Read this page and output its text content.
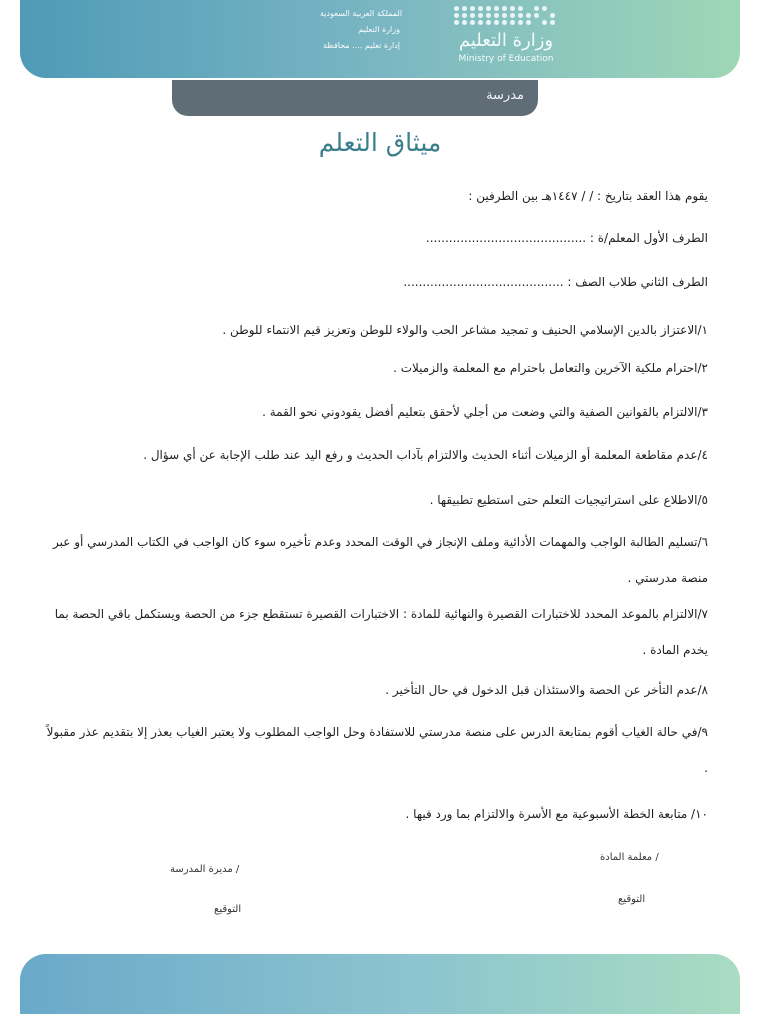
المملكة العربية السعودية
وزارة التعليم
إدارة تعليم .... محافظة	وزارة التعليم
Ministry of Education
مدرسة
ميثاق التعلم
يقوم هذا العقد بتاريخ : / / ١٤٤٧هـ بين الطرفين :
الطرف الأول المعلم/ة : ..........................................
الطرف الثاني طلاب الصف : ..........................................
١/الاعتزاز بالدين الإسلامي الحنيف و تمجيد مشاعر الحب والولاء للوطن وتعزيز قيم الانتماء للوطن .
٢/احترام ملكية الآخرين والتعامل باحترام مع المعلمة والزميلات .
٣/الالتزام بالقوانين الصفية والتي وضعت من أجلي لأحقق بتعليم أفضل يقودوني نحو القمة .
٤/عدم مقاطعة المعلمة أو الزميلات أثناء الحديث والالتزام بآداب الحديث و رفع اليد عند طلب الإجابة عن أي سؤال .
٥/الاطلاع على استراتيجيات التعلم حتى استطيع تطبيقها .
٦/تسليم الطالبة الواجب والمهمات الأدائية وملف الإنجاز في الوقت المحدد وعدم تأخيره سوء كان الواجب في الكتاب المدرسي أو عبر منصة مدرستي .
٧/الالتزام بالموعد المحدد للاختبارات القصيرة والنهائية للمادة : الاختبارات القصيرة تستقطع جزء من الحصة ويستكمل باقي الحصة بما يخدم المادة .
٨/عدم التأخر عن الحصة والاستئذان قبل الدخول في حال التأخير .
٩/في حالة الغياب أقوم بمتابعة الدرس على منصة مدرستي للاستفادة وحل الواجب المطلوب ولا يعتبر الغياب بعذر إلا بتقديم عذر مقبولاً .
١٠/ متابعة الخطة الأسبوعية مع الأسرة والالتزام بما ورد فيها .
معلمة المادة /
التوقيع
مديرة المدرسة /
التوقيع
